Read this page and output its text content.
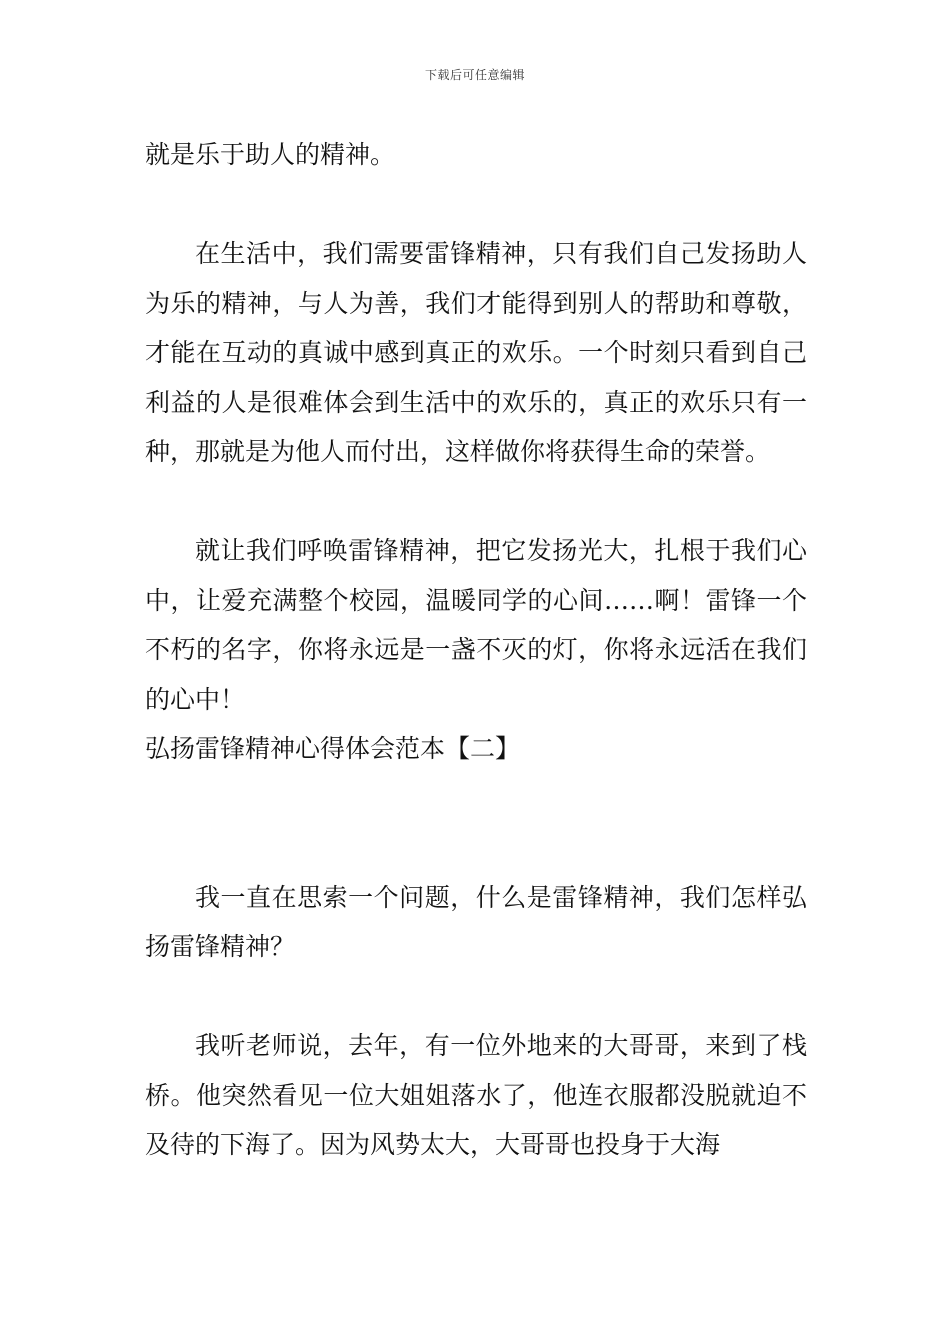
下载后可任意编辑

就是乐于助人的精神。

在生活中，我们需要雷锋精神，只有我们自己发扬助人为乐的精神，与人为善，我们才能得到别人的帮助和尊敬，才能在互动的真诚中感到真正的欢乐。一个时刻只看到自己利益的人是很难体会到生活中的欢乐的，真正的欢乐只有一种，那就是为他人而付出，这样做你将获得生命的荣誉。

就让我们呼唤雷锋精神，把它发扬光大，扎根于我们心中，让爱充满整个校园，温暖同学的心间……啊！雷锋一个不朽的名字，你将永远是一盏不灭的灯，你将永远活在我们的心中！

弘扬雷锋精神心得体会范本【二】

我一直在思索一个问题，什么是雷锋精神，我们怎样弘扬雷锋精神？

我听老师说，去年，有一位外地来的大哥哥，来到了栈桥。他突然看见一位大姐姐落水了，他连衣服都没脱就迫不及待的下海了。因为风势太大，大哥哥也投身于大海
